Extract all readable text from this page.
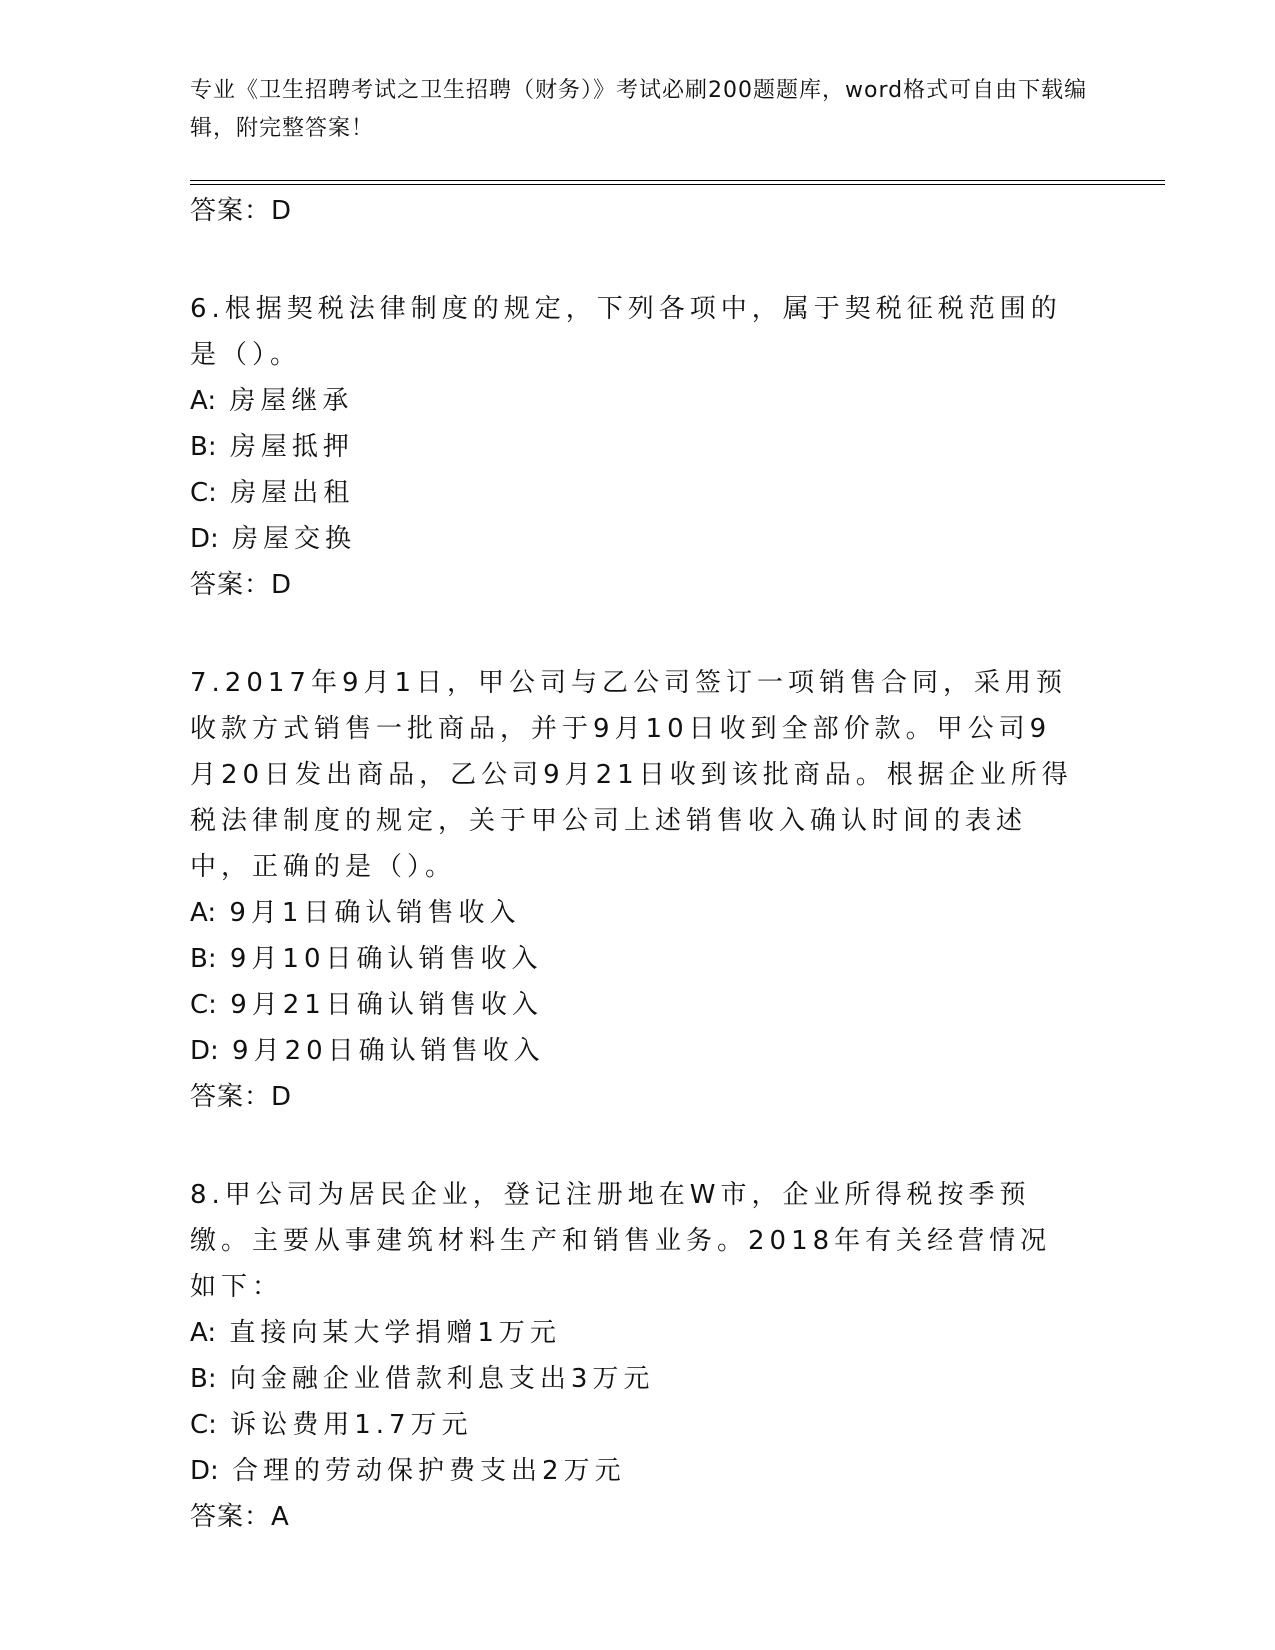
专业《卫生招聘考试之卫生招聘（财务）》考试必刷200题题库，word格式可自由下载编辑，附完整答案！

答案：D

6.根据契税法律制度的规定，下列各项中，属于契税征税范围的是（）。

A: 房屋继承

B: 房屋抵押

C: 房屋出租

D: 房屋交换

答案：D

7.2017年9月1日，甲公司与乙公司签订一项销售合同，采用预收款方式销售一批商品，并于9月10日收到全部价款。甲公司9月20日发出商品，乙公司9月21日收到该批商品。根据企业所得税法律制度的规定，关于甲公司上述销售收入确认时间的表述中，正确的是（）。

A: 9月1日确认销售收入

B: 9月10日确认销售收入

C: 9月21日确认销售收入

D: 9月20日确认销售收入

答案：D

8.甲公司为居民企业，登记注册地在W市，企业所得税按季预缴。主要从事建筑材料生产和销售业务。2018年有关经营情况如下：

A: 直接向某大学捐赠1万元

B: 向金融企业借款利息支出3万元

C: 诉讼费用1.7万元

D: 合理的劳动保护费支出2万元

答案：A
